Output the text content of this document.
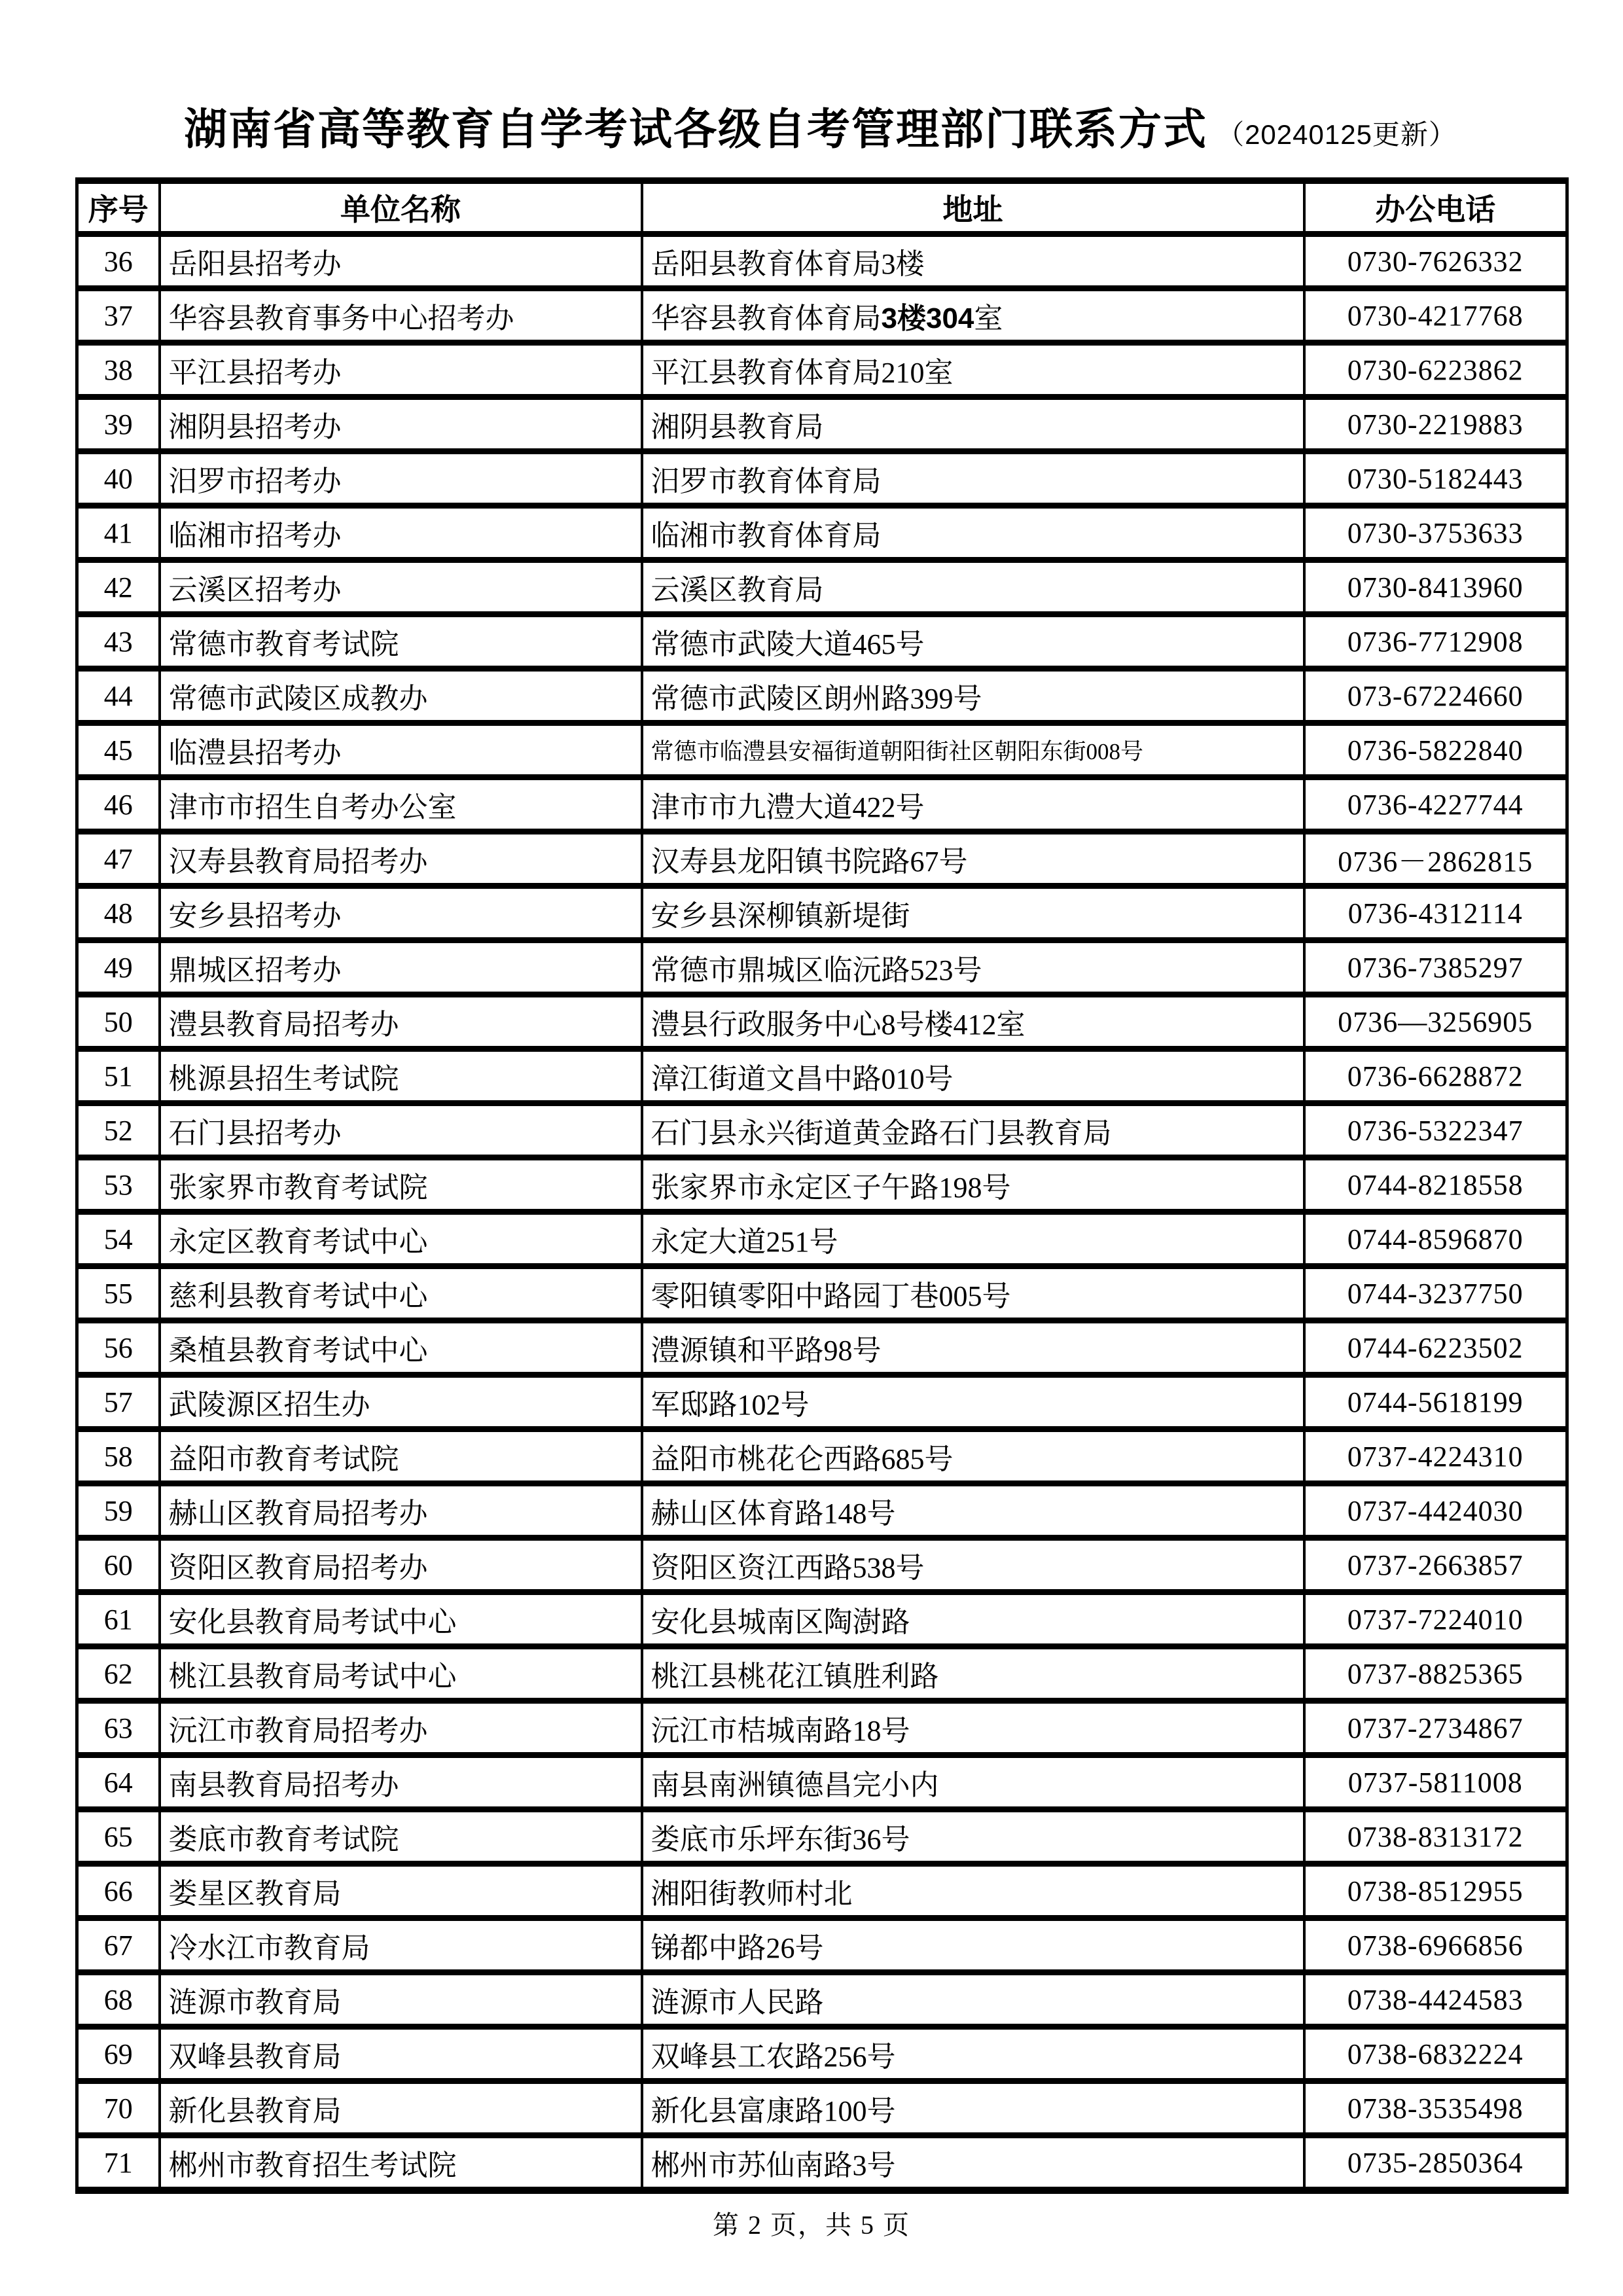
湖南省高等教育自学考试各级自考管理部门联系方式 （20240125更新）
序号	单位名称	地址	办公电话
36	岳阳县招考办	岳阳县教育体育局3楼	0730-7626332
37	华容县教育事务中心招考办	华容县教育体育局3楼304室	0730-4217768
38	平江县招考办	平江县教育体育局210室	0730-6223862
39	湘阴县招考办	湘阴县教育局	0730-2219883
40	汨罗市招考办	汨罗市教育体育局	0730-5182443
41	临湘市招考办	临湘市教育体育局	0730-3753633
42	云溪区招考办	云溪区教育局	0730-8413960
43	常德市教育考试院	常德市武陵大道465号	0736-7712908
44	常德市武陵区成教办	常德市武陵区朗州路399号	073-67224660
45	临澧县招考办	常德市临澧县安福街道朝阳街社区朝阳东街008号	0736-5822840
46	津市市招生自考办公室	津市市九澧大道422号	0736-4227744
47	汉寿县教育局招考办	汉寿县龙阳镇书院路67号	0736－2862815
48	安乡县招考办	安乡县深柳镇新堤街	0736-4312114
49	鼎城区招考办	常德市鼎城区临沅路523号	0736-7385297
50	澧县教育局招考办	澧县行政服务中心8号楼412室	0736—3256905
51	桃源县招生考试院	漳江街道文昌中路010号	0736-6628872
52	石门县招考办	石门县永兴街道黄金路石门县教育局	0736-5322347
53	张家界市教育考试院	张家界市永定区子午路198号	0744-8218558
54	永定区教育考试中心	永定大道251号	0744-8596870
55	慈利县教育考试中心	零阳镇零阳中路园丁巷005号	0744-3237750
56	桑植县教育考试中心	澧源镇和平路98号	0744-6223502
57	武陵源区招生办	军邸路102号	0744-5618199
58	益阳市教育考试院	益阳市桃花仑西路685号	0737-4224310
59	赫山区教育局招考办	赫山区体育路148号	0737-4424030
60	资阳区教育局招考办	资阳区资江西路538号	0737-2663857
61	安化县教育局考试中心	安化县城南区陶澍路	0737-7224010
62	桃江县教育局考试中心	桃江县桃花江镇胜利路	0737-8825365
63	沅江市教育局招考办	沅江市桔城南路18号	0737-2734867
64	南县教育局招考办	南县南洲镇德昌完小内	0737-5811008
65	娄底市教育考试院	娄底市乐坪东街36号	0738-8313172
66	娄星区教育局	湘阳街教师村北	0738-8512955
67	冷水江市教育局	锑都中路26号	0738-6966856
68	涟源市教育局	涟源市人民路	0738-4424583
69	双峰县教育局	双峰县工农路256号	0738-6832224
70	新化县教育局	新化县富康路100号	0738-3535498
71	郴州市教育招生考试院	郴州市苏仙南路3号	0735-2850364
第 2 页，共 5 页
